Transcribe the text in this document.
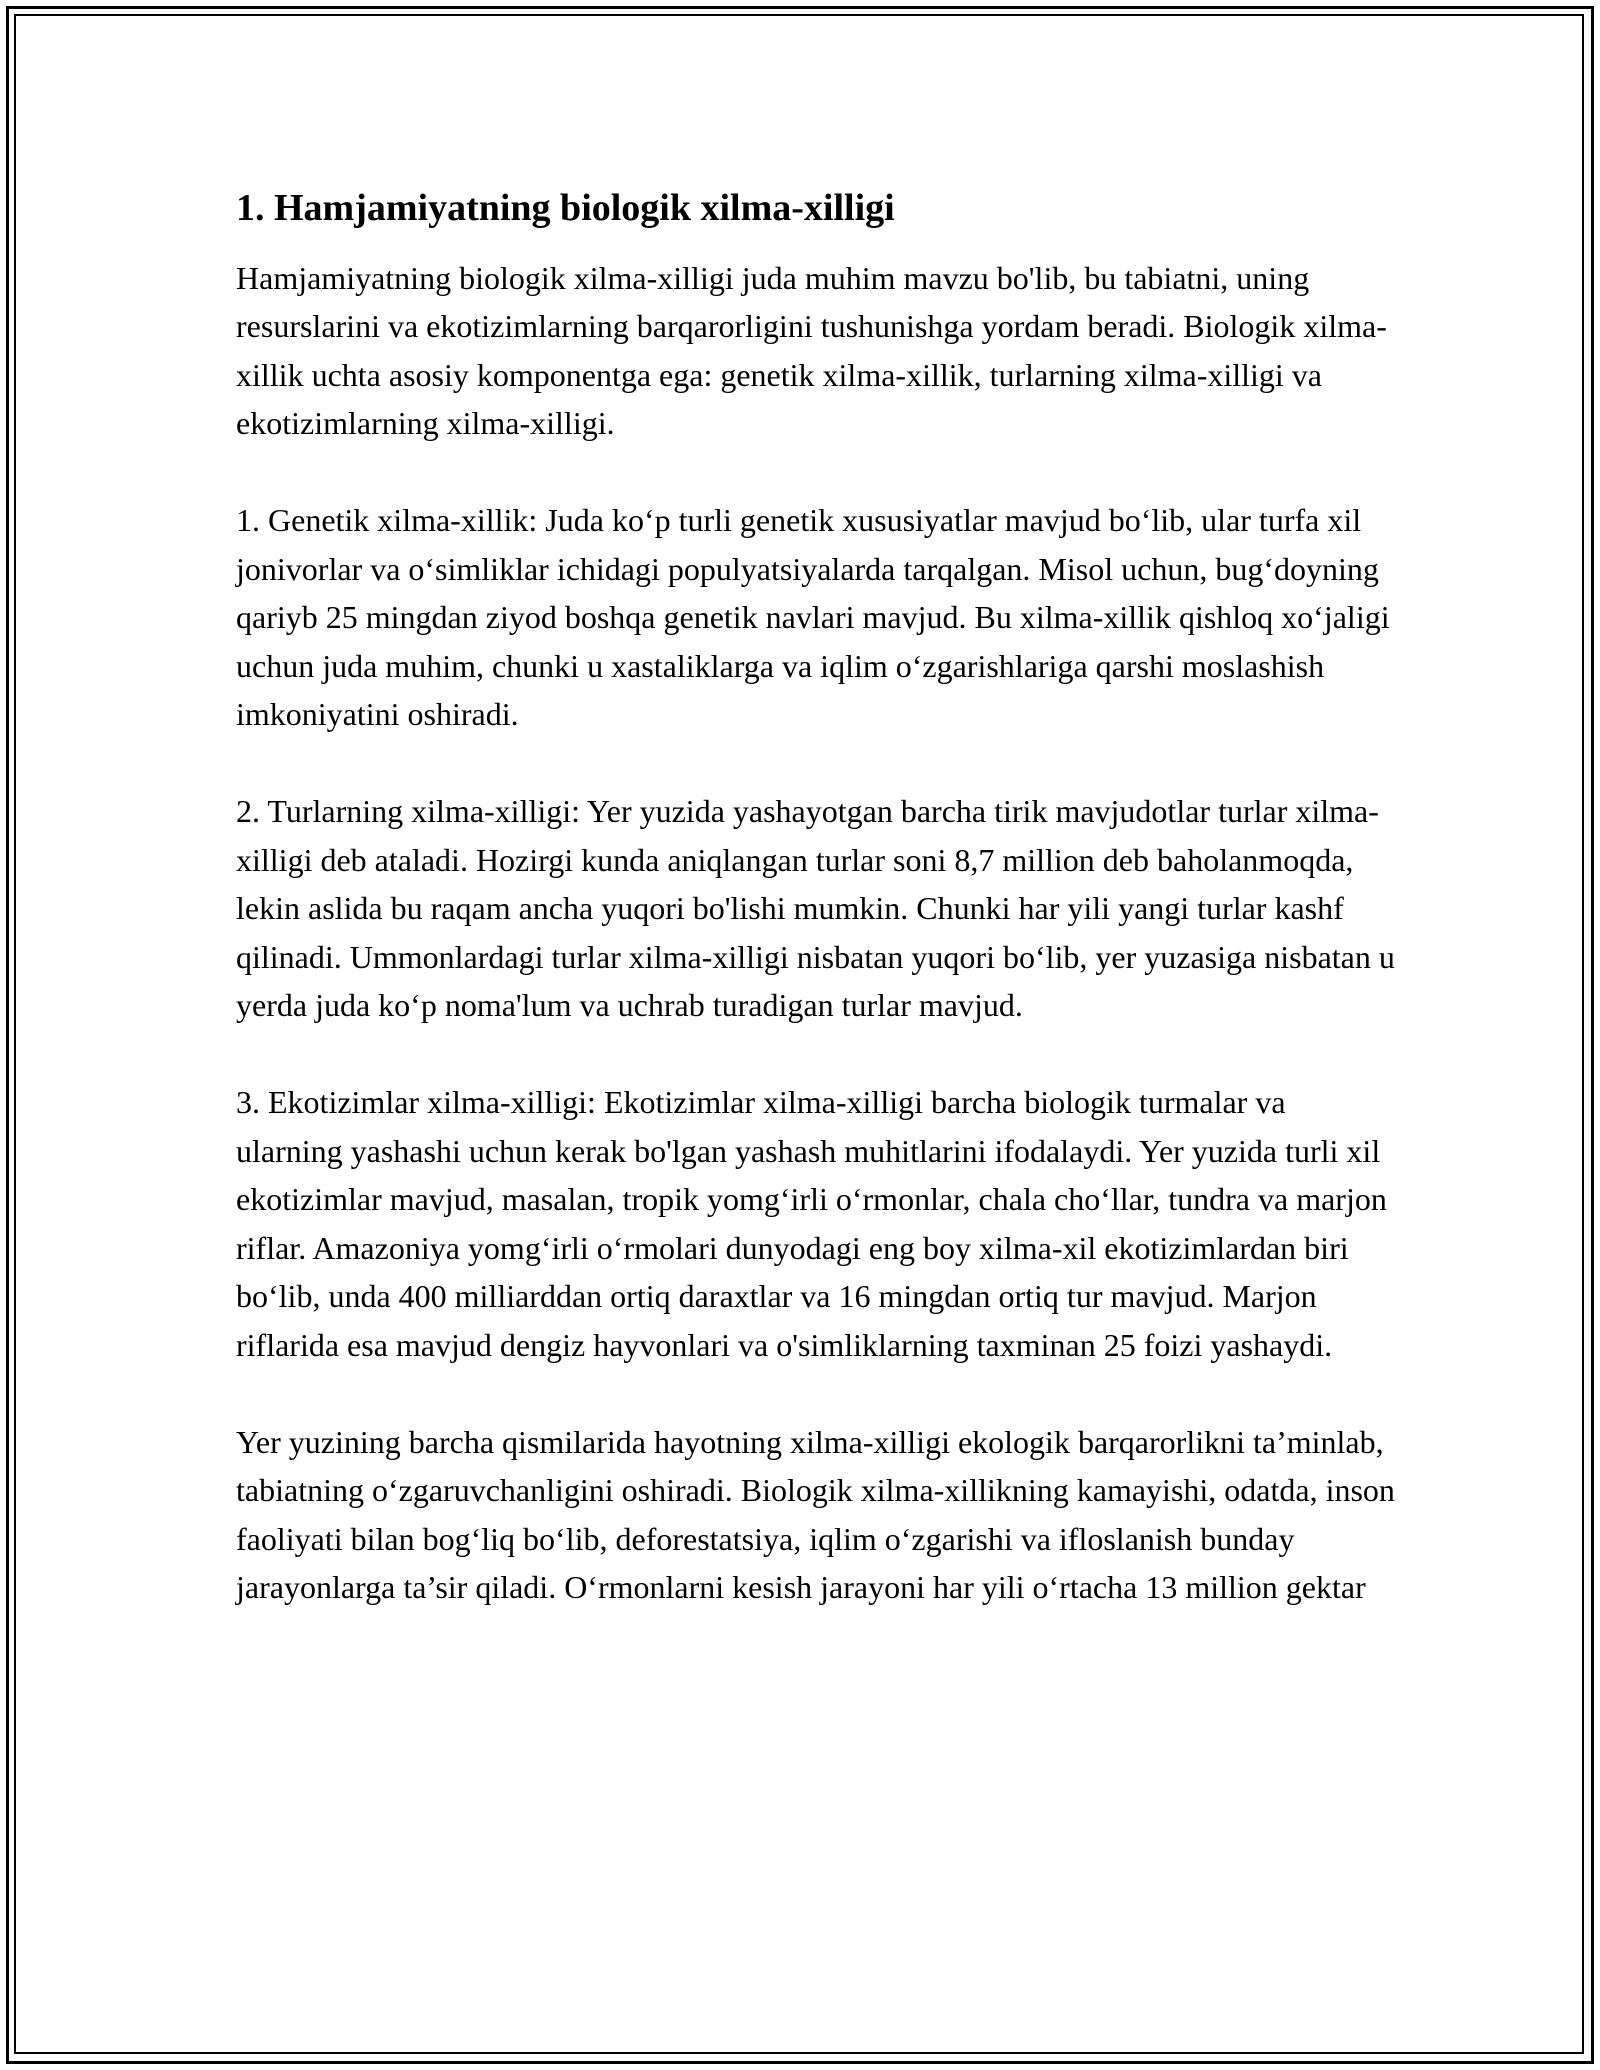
1. Hamjamiyatning biologik xilma-xilligi

Hamjamiyatning biologik xilma-xilligi juda muhim mavzu bo'lib, bu tabiatni, uning resurslarini va ekotizimlarning barqarorligini tushunishga yordam beradi. Biologik xilma-xillik uchta asosiy komponentga ega: genetik xilma-xillik, turlarning xilma-xilligi va ekotizimlarning xilma-xilligi.

1. Genetik xilma-xillik: Juda koʻp turli genetik xususiyatlar mavjud boʻlib, ular turfa xil jonivorlar va oʻsimliklar ichidagi populyatsiyalarda tarqalgan. Misol uchun, bugʻdoyning qariyb 25 mingdan ziyod boshqa genetik navlari mavjud. Bu xilma-xillik qishloq xoʻjaligi uchun juda muhim, chunki u xastaliklarga va iqlim oʻzgarishlariga qarshi moslashish imkoniyatini oshiradi.

2. Turlarning xilma-xilligi: Yer yuzida yashayotgan barcha tirik mavjudotlar turlar xilma-xilligi deb ataladi. Hozirgi kunda aniqlangan turlar soni 8,7 million deb baholanmoqda, lekin aslida bu raqam ancha yuqori bo'lishi mumkin. Chunki har yili yangi turlar kashf qilinadi. Ummonlardagi turlar xilma-xilligi nisbatan yuqori boʻlib, yer yuzasiga nisbatan u yerda juda koʻp noma'lum va uchrab turadigan turlar mavjud.

3. Ekotizimlar xilma-xilligi: Ekotizimlar xilma-xilligi barcha biologik turmalar va ularning yashashi uchun kerak bo'lgan yashash muhitlarini ifodalaydi. Yer yuzida turli xil ekotizimlar mavjud, masalan, tropik yomgʻirli oʻrmonlar, chala choʻllar, tundra va marjon riflar. Amazoniya yomgʻirli oʻrmolari dunyodagi eng boy xilma-xil ekotizimlardan biri boʻlib, unda 400 milliarddan ortiq daraxtlar va 16 mingdan ortiq tur mavjud. Marjon riflarida esa mavjud dengiz hayvonlari va o'simliklarning taxminan 25 foizi yashaydi.

Yer yuzining barcha qismilarida hayotning xilma-xilligi ekologik barqarorlikni ta’minlab, tabiatning oʻzgaruvchanligini oshiradi. Biologik xilma-xillikning kamayishi, odatda, inson faoliyati bilan bogʻliq boʻlib, deforestatsiya, iqlim oʻzgarishi va ifloslanish bunday jarayonlarga ta’sir qiladi. Oʻrmonlarni kesish jarayoni har yili oʻrtacha 13 million gektar
